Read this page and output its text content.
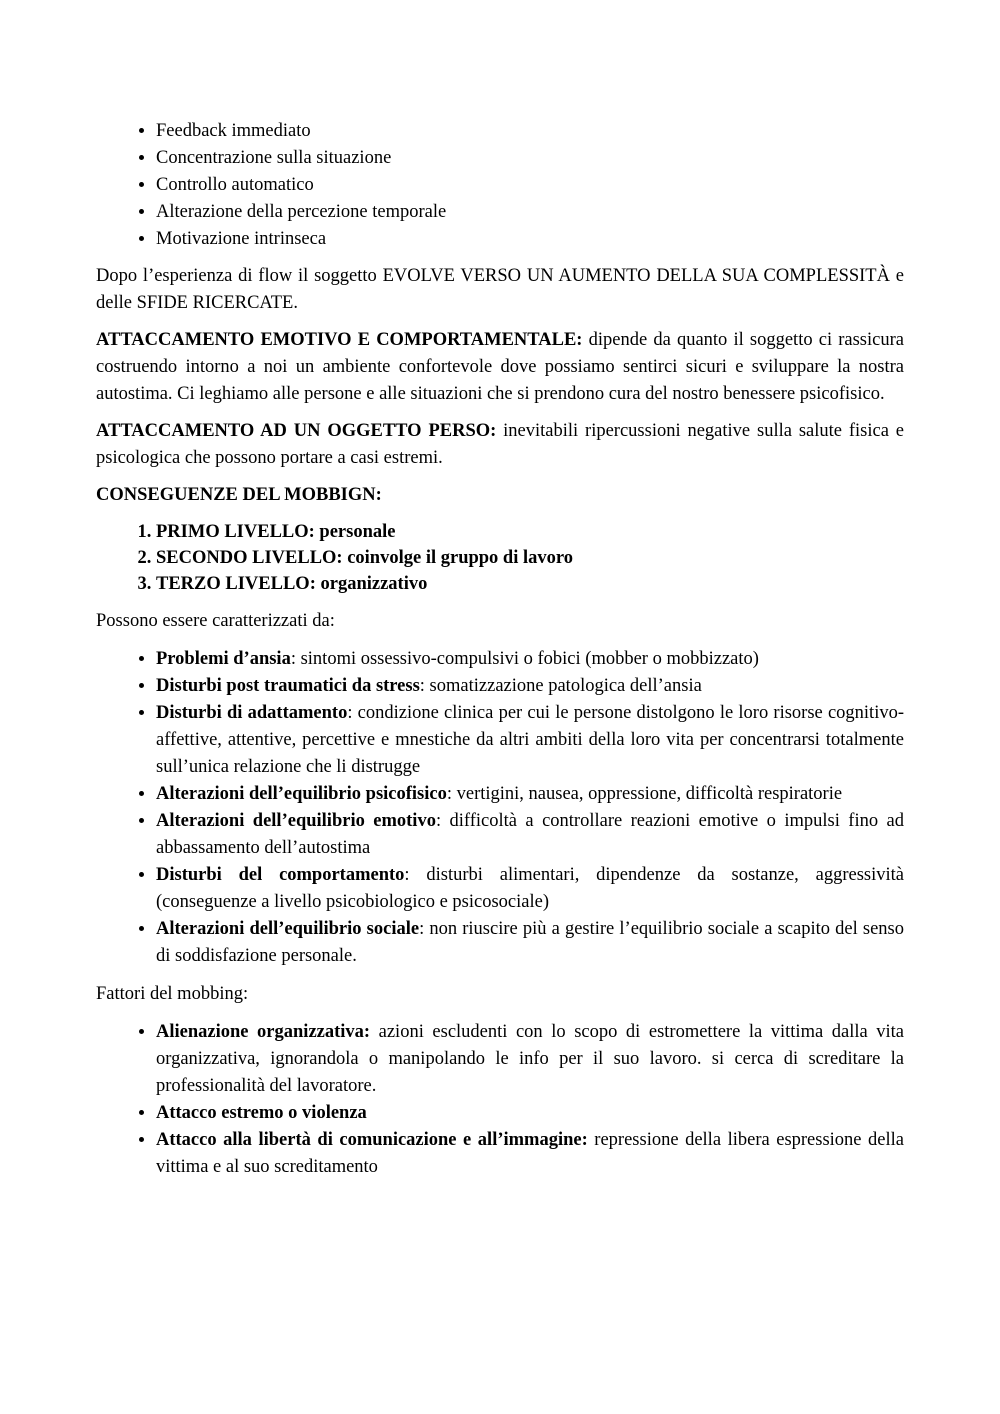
• Feedback immediato
• Concentrazione sulla situazione
• Controllo automatico
• Alterazione della percezione temporale
• Motivazione intrinseca

Dopo l’esperienza di flow il soggetto EVOLVE VERSO UN AUMENTO DELLA SUA COMPLESSITÀ e delle SFIDE RICERCATE.

ATTACCAMENTO EMOTIVO E COMPORTAMENTALE: dipende da quanto il soggetto ci rassicura costruendo intorno a noi un ambiente confortevole dove possiamo sentirci sicuri e sviluppare la nostra autostima. Ci leghiamo alle persone e alle situazioni che si prendono cura del nostro benessere psicofisico.

ATTACCAMENTO AD UN OGGETTO PERSO: inevitabili ripercussioni negative sulla salute fisica e psicologica che possono portare a casi estremi.

CONSEGUENZE DEL MOBBIGN:

1. PRIMO LIVELLO: personale
2. SECONDO LIVELLO: coinvolge il gruppo di lavoro
3. TERZO LIVELLO: organizzativo

Possono essere caratterizzati da:

• Problemi d’ansia: sintomi ossessivo-compulsivi o fobici (mobber o mobbizzato)
• Disturbi post traumatici da stress: somatizzazione patologica dell’ansia
• Disturbi di adattamento: condizione clinica per cui le persone distolgono le loro risorse cognitivo-affettive, attentive, percettive e mnestiche da altri ambiti della loro vita per concentrarsi totalmente sull’unica relazione che li distrugge
• Alterazioni dell’equilibrio psicofisico: vertigini, nausea, oppressione, difficoltà respiratorie
• Alterazioni dell’equilibrio emotivo: difficoltà a controllare reazioni emotive o impulsi fino ad abbassamento dell’autostima
• Disturbi del comportamento: disturbi alimentari, dipendenze da sostanze, aggressività (conseguenze a livello psicobiologico e psicosociale)
• Alterazioni dell’equilibrio sociale: non riuscire più a gestire l’equilibrio sociale a scapito del senso di soddisfazione personale.

Fattori del mobbing:

• Alienazione organizzativa: azioni escludenti con lo scopo di estromettere la vittima dalla vita organizzativa, ignorandola o manipolando le info per il suo lavoro. si cerca di screditare la professionalità del lavoratore.
• Attacco estremo o violenza
• Attacco alla libertà di comunicazione e all’immagine: repressione della libera espressione della vittima e al suo screditamento
